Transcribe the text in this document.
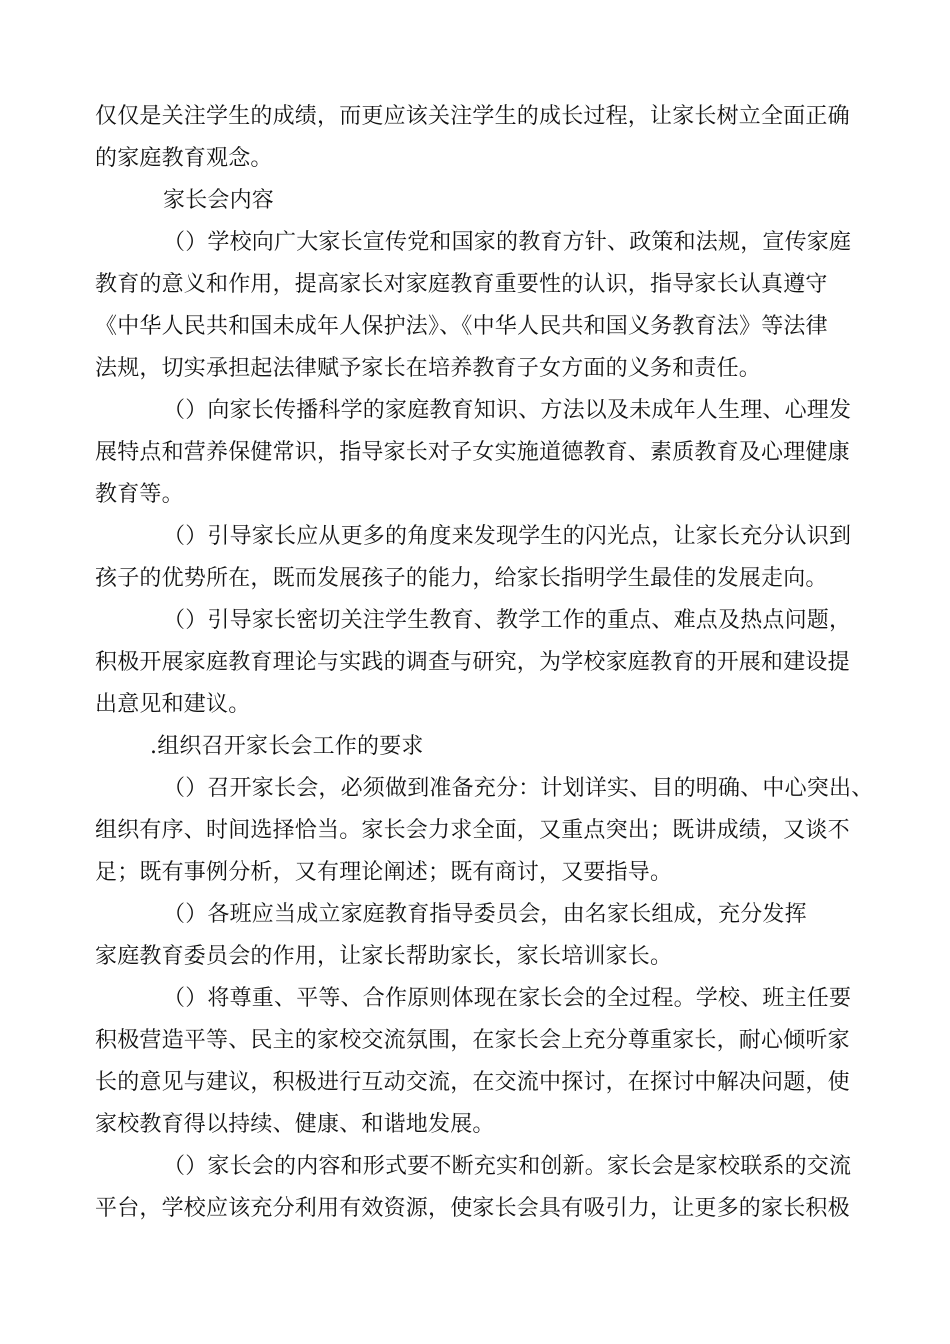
仅仅是关注学生的成绩，而更应该关注学生的成长过程，让家长树立全面正确
的家庭教育观念。
家长会内容
（）学校向广大家长宣传党和国家的教育方针、政策和法规，宣传家庭
教育的意义和作用，提高家长对家庭教育重要性的认识，指导家长认真遵守
《中华人民共和国未成年人保护法》、《中华人民共和国义务教育法》等法律
法规，切实承担起法律赋予家长在培养教育子女方面的义务和责任。
（）向家长传播科学的家庭教育知识、方法以及未成年人生理、心理发
展特点和营养保健常识，指导家长对子女实施道德教育、素质教育及心理健康
教育等。
（）引导家长应从更多的角度来发现学生的闪光点，让家长充分认识到
孩子的优势所在，既而发展孩子的能力，给家长指明学生最佳的发展走向。
（）引导家长密切关注学生教育、教学工作的重点、难点及热点问题，
积极开展家庭教育理论与实践的调查与研究，为学校家庭教育的开展和建设提
出意见和建议。
.组织召开家长会工作的要求
（）召开家长会，必须做到准备充分：计划详实、目的明确、中心突出、
组织有序、时间选择恰当。家长会力求全面，又重点突出；既讲成绩，又谈不
足；既有事例分析，又有理论阐述；既有商讨，又要指导。
（）各班应当成立家庭教育指导委员会，由名家长组成，充分发挥
家庭教育委员会的作用，让家长帮助家长，家长培训家长。
（）将尊重、平等、合作原则体现在家长会的全过程。学校、班主任要
积极营造平等、民主的家校交流氛围，在家长会上充分尊重家长，耐心倾听家
长的意见与建议，积极进行互动交流，在交流中探讨，在探讨中解决问题，使
家校教育得以持续、健康、和谐地发展。
（）家长会的内容和形式要不断充实和创新。家长会是家校联系的交流
平台，学校应该充分利用有效资源，使家长会具有吸引力，让更多的家长积极
